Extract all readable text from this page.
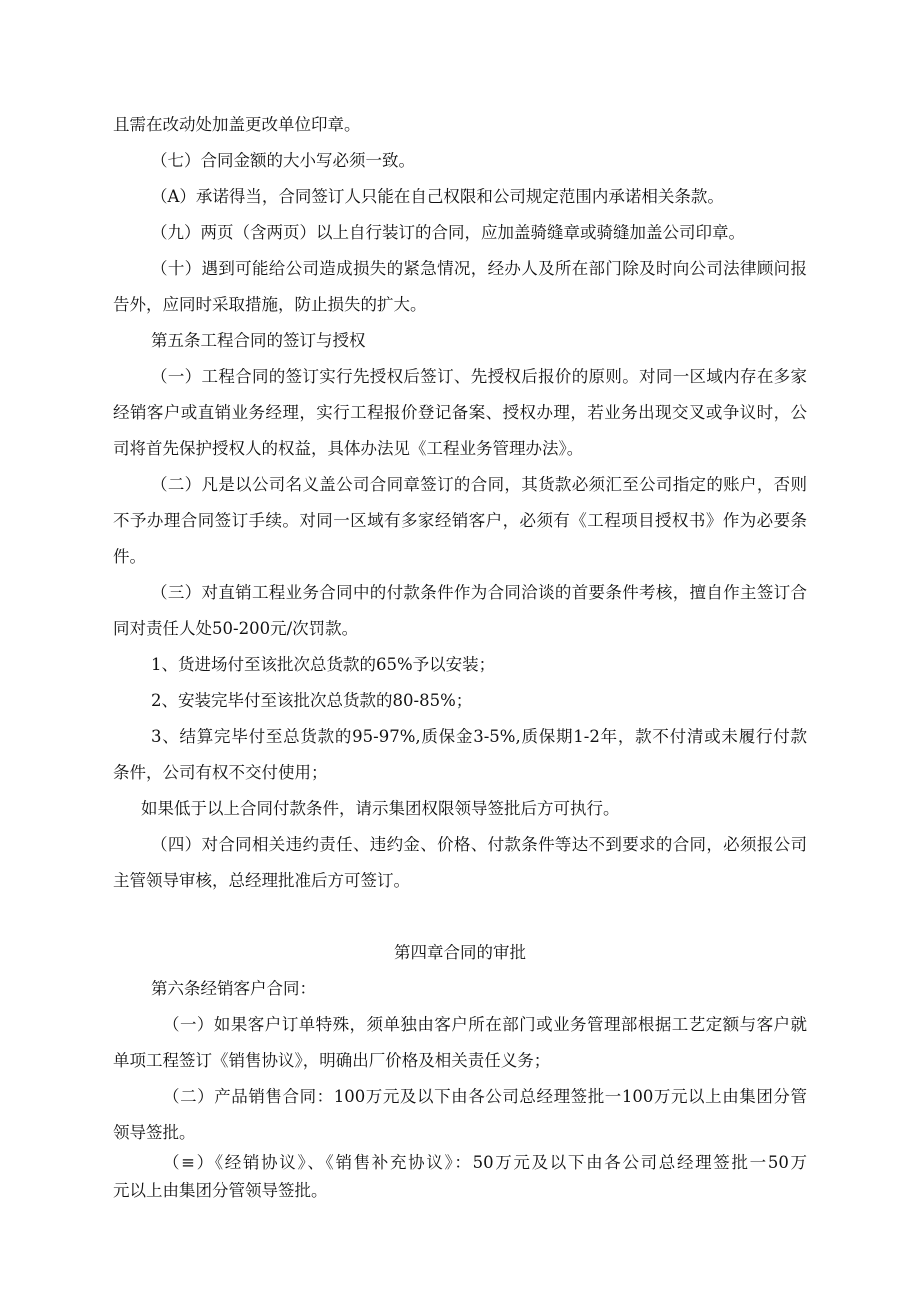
且需在改动处加盖更改单位印章。

（七）合同金额的大小写必须一致。

（A）承诺得当，合同签订人只能在自己权限和公司规定范围内承诺相关条款。

（九）两页（含两页）以上自行装订的合同，应加盖骑缝章或骑缝加盖公司印章。

（十）遇到可能给公司造成损失的紧急情况，经办人及所在部门除及时向公司法律顾问报

告外，应同时采取措施，防止损失的扩大。

第五条工程合同的签订与授权

（一）工程合同的签订实行先授权后签订、先授权后报价的原则。对同一区域内存在多家

经销客户或直销业务经理，实行工程报价登记备案、授权办理，若业务出现交叉或争议时，公

司将首先保护授权人的权益，具体办法见《工程业务管理办法》。

（二）凡是以公司名义盖公司合同章签订的合同，其货款必须汇至公司指定的账户，否则

不予办理合同签订手续。对同一区域有多家经销客户，必须有《工程项目授权书》作为必要条

件。

（三）对直销工程业务合同中的付款条件作为合同洽谈的首要条件考核，擅自作主签订合

同对责任人处50-200元/次罚款。

1、货进场付至该批次总货款的65%予以安装；

2、安装完毕付至该批次总货款的80-85%；

3、结算完毕付至总货款的95-97%,质保金3-5%,质保期1-2年，款不付清或未履行付款

条件，公司有权不交付使用；

如果低于以上合同付款条件，请示集团权限领导签批后方可执行。

（四）对合同相关违约责任、违约金、价格、付款条件等达不到要求的合同，必须报公司

主管领导审核，总经理批准后方可签订。

第四章合同的审批

第六条经销客户合同：

（一）如果客户订单特殊，须单独由客户所在部门或业务管理部根据工艺定额与客户就

单项工程签订《销售协议》，明确出厂价格及相关责任义务；

（二）产品销售合同：100万元及以下由各公司总经理签批一100万元以上由集团分管

领导签批。

（≡）《经销协议》、《销售补充协议》：50万元及以下由各公司总经理签批一50万

元以上由集团分管领导签批。
